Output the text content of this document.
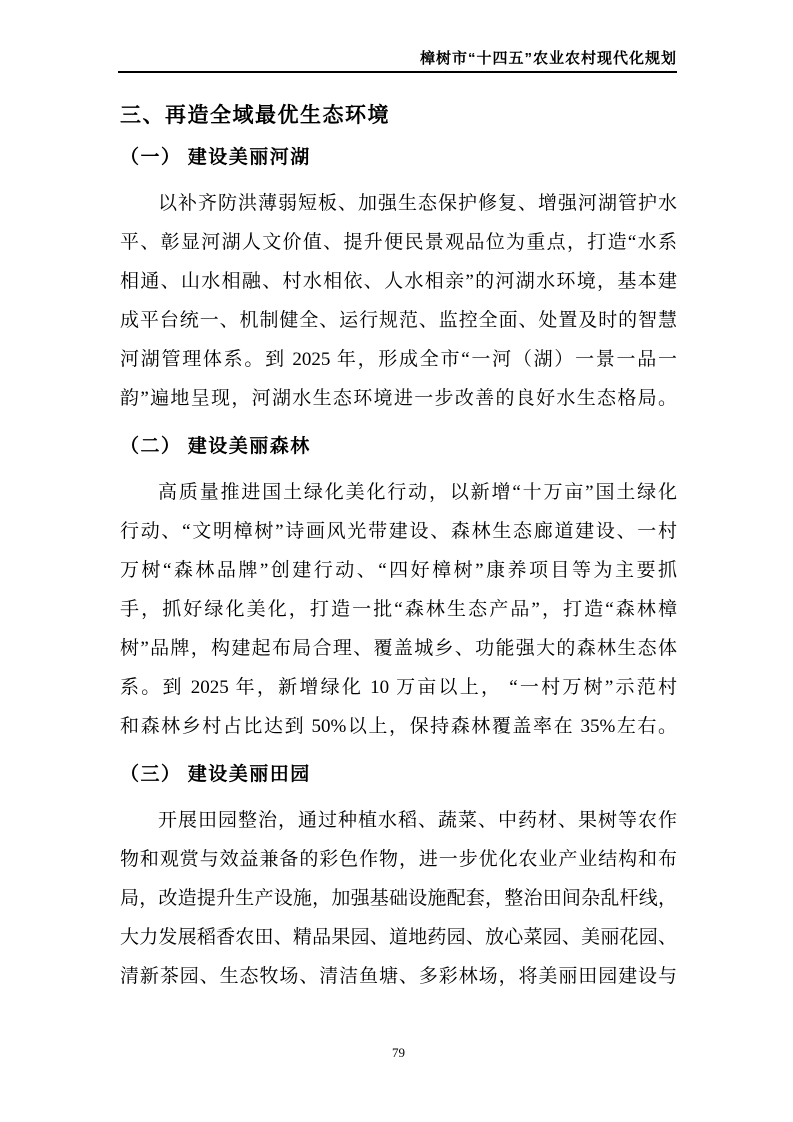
樟树市“十四五”农业农村现代化规划
三、再造全域最优生态环境
（一） 建设美丽河湖
以补齐防洪薄弱短板、加强生态保护修复、增强河湖管护水
平、彰显河湖人文价值、提升便民景观品位为重点，打造“水系
相通、山水相融、村水相依、人水相亲”的河湖水环境，基本建
成平台统一、机制健全、运行规范、监控全面、处置及时的智慧
河湖管理体系。到 2025 年，形成全市“一河（湖）一景一品一
韵”遍地呈现，河湖水生态环境进一步改善的良好水生态格局。
（二） 建设美丽森林
高质量推进国土绿化美化行动，以新增“十万亩”国土绿化
行动、“文明樟树”诗画风光带建设、森林生态廊道建设、一村
万树“森林品牌”创建行动、“四好樟树”康养项目等为主要抓
手，抓好绿化美化，打造一批“森林生态产品”，打造“森林樟
树”品牌，构建起布局合理、覆盖城乡、功能强大的森林生态体
系。到 2025 年，新增绿化 10 万亩以上， “一村万树”示范村
和森林乡村占比达到 50%以上，保持森林覆盖率在 35%左右。
（三） 建设美丽田园
开展田园整治，通过种植水稻、蔬菜、中药材、果树等农作
物和观赏与效益兼备的彩色作物，进一步优化农业产业结构和布
局，改造提升生产设施，加强基础设施配套，整治田间杂乱杆线，
大力发展稻香农田、精品果园、道地药园、放心菜园、美丽花园、
清新茶园、生态牧场、清洁鱼塘、多彩林场，将美丽田园建设与
79
